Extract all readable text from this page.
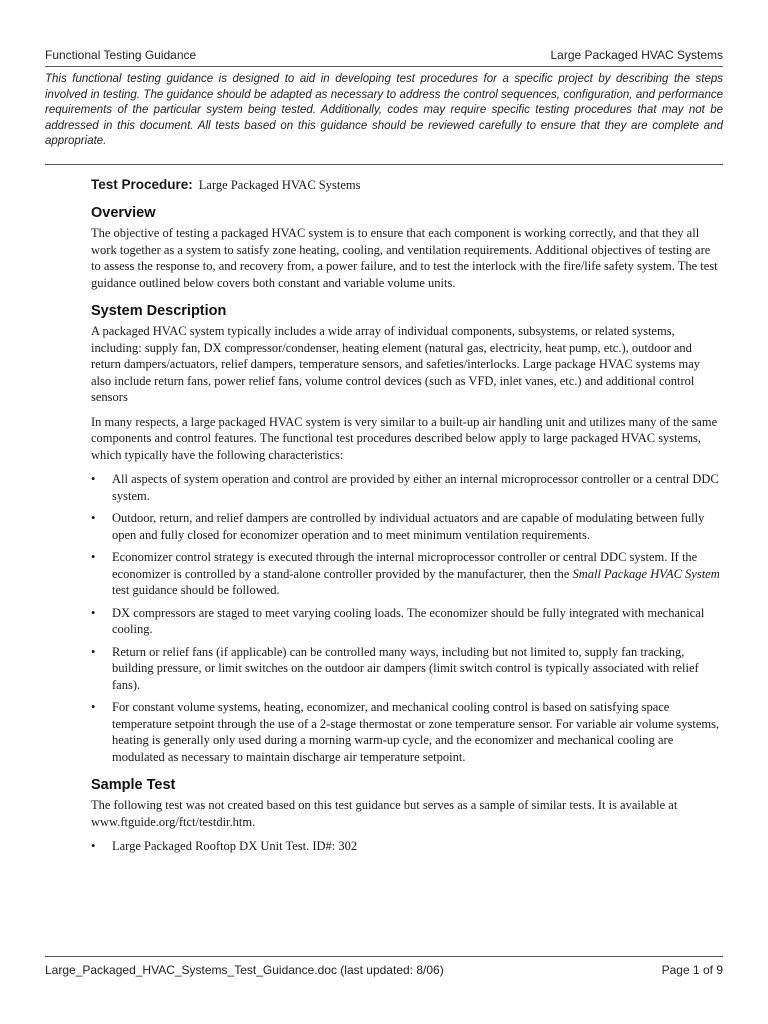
Functional Testing Guidance	Large Packaged HVAC Systems

This functional testing guidance is designed to aid in developing test procedures for a specific project by describing the steps involved in testing. The guidance should be adapted as necessary to address the control sequences, configuration, and performance requirements of the particular system being tested. Additionally, codes may require specific testing procedures that may not be addressed in this document. All tests based on this guidance should be reviewed carefully to ensure that they are complete and appropriate.

Test Procedure: Large Packaged HVAC Systems
Overview

The objective of testing a packaged HVAC system is to ensure that each component is working correctly, and that they all work together as a system to satisfy zone heating, cooling, and ventilation requirements. Additional objectives of testing are to assess the response to, and recovery from, a power failure, and to test the interlock with the fire/life safety system. The test guidance outlined below covers both constant and variable volume units.

System Description

A packaged HVAC system typically includes a wide array of individual components, subsystems, or related systems, including: supply fan, DX compressor/condenser, heating element (natural gas, electricity, heat pump, etc.), outdoor and return dampers/actuators, relief dampers, temperature sensors, and safeties/interlocks. Large package HVAC systems may also include return fans, power relief fans, volume control devices (such as VFD, inlet vanes, etc.) and additional control sensors

In many respects, a large packaged HVAC system is very similar to a built-up air handling unit and utilizes many of the same components and control features. The functional test procedures described below apply to large packaged HVAC systems, which typically have the following characteristics:

• All aspects of system operation and control are provided by either an internal microprocessor controller or a central DDC system.
• Outdoor, return, and relief dampers are controlled by individual actuators and are capable of modulating between fully open and fully closed for economizer operation and to meet minimum ventilation requirements.
• Economizer control strategy is executed through the internal microprocessor controller or central DDC system. If the economizer is controlled by a stand-alone controller provided by the manufacturer, then the Small Package HVAC System test guidance should be followed.
• DX compressors are staged to meet varying cooling loads. The economizer should be fully integrated with mechanical cooling.
• Return or relief fans (if applicable) can be controlled many ways, including but not limited to, supply fan tracking, building pressure, or limit switches on the outdoor air dampers (limit switch control is typically associated with relief fans).
• For constant volume systems, heating, economizer, and mechanical cooling control is based on satisfying space temperature setpoint through the use of a 2-stage thermostat or zone temperature sensor. For variable air volume systems, heating is generally only used during a morning warm-up cycle, and the economizer and mechanical cooling are modulated as necessary to maintain discharge air temperature setpoint.
Sample Test

The following test was not created based on this test guidance but serves as a sample of similar tests. It is available at www.ftguide.org/ftct/testdir.htm.

• Large Packaged Rooftop DX Unit Test. ID#: 302
Large_Packaged_HVAC_Systems_Test_Guidance.doc (last updated: 8/06)	Page 1 of 9
